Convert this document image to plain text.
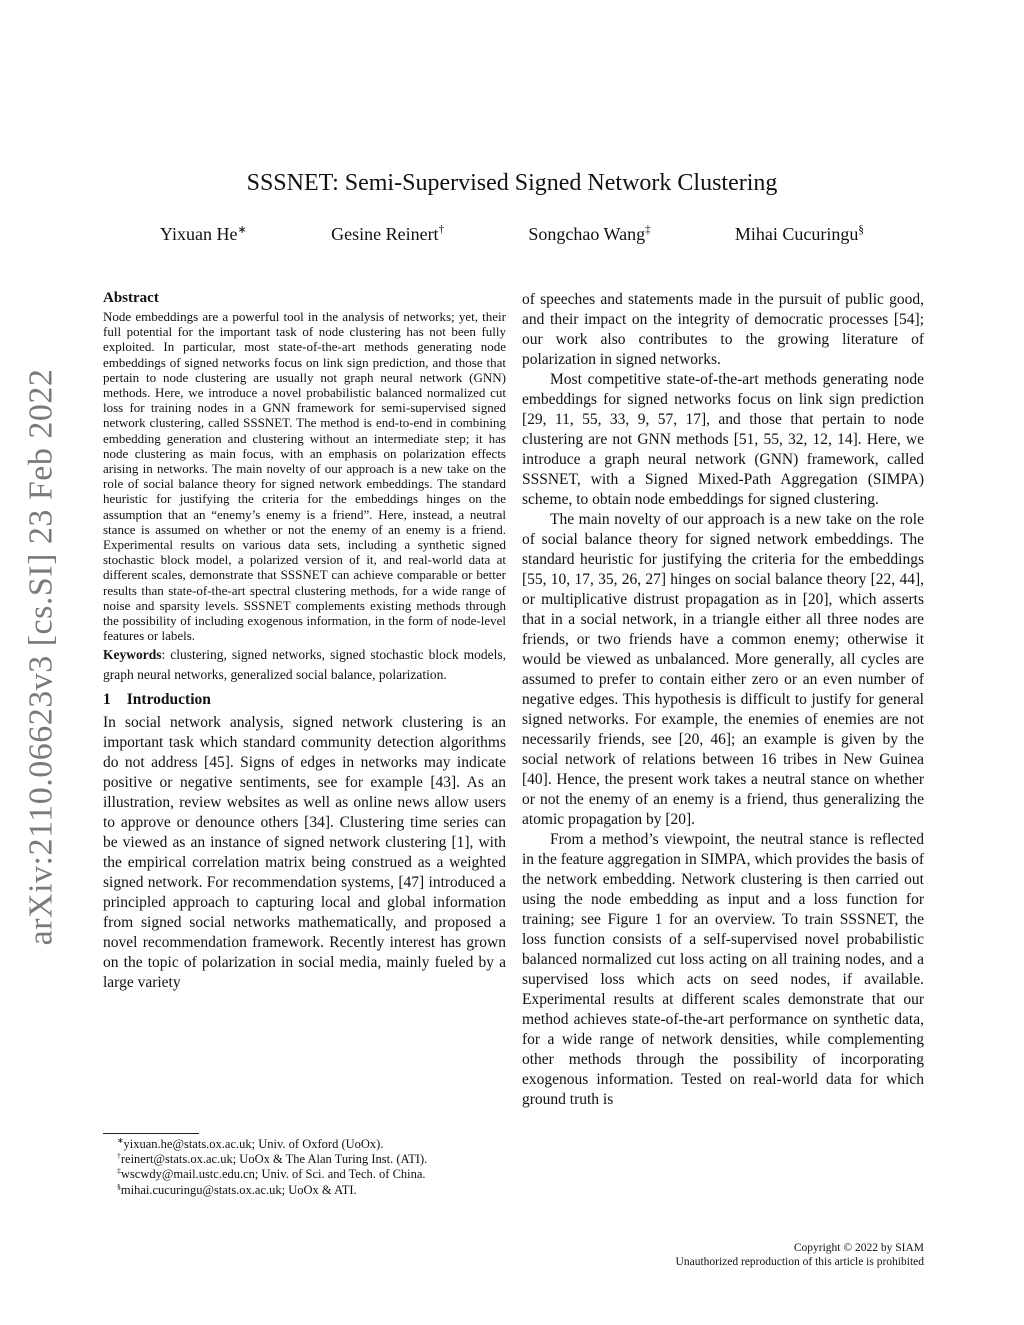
arXiv:2110.06623v3 [cs.SI] 23 Feb 2022
SSSNET: Semi-Supervised Signed Network Clustering
Yixuan He∗	Gesine Reinert†	Songchao Wang‡	Mihai Cucuringu§
Abstract

Node embeddings are a powerful tool in the analysis of networks; yet, their full potential for the important task of node clustering has not been fully exploited. In particular, most state-of-the-art methods generating node embeddings of signed networks focus on link sign prediction, and those that pertain to node clustering are usually not graph neural network (GNN) methods. Here, we introduce a novel probabilistic balanced normalized cut loss for training nodes in a GNN framework for semi-supervised signed network clustering, called SSSNET. The method is end-to-end in combining embedding generation and clustering without an intermediate step; it has node clustering as main focus, with an emphasis on polarization effects arising in networks. The main novelty of our approach is a new take on the role of social balance theory for signed network embeddings. The standard heuristic for justifying the criteria for the embeddings hinges on the assumption that an “enemy’s enemy is a friend”. Here, instead, a neutral stance is assumed on whether or not the enemy of an enemy is a friend. Experimental results on various data sets, including a synthetic signed stochastic block model, a polarized version of it, and real-world data at different scales, demonstrate that SSSNET can achieve comparable or better results than state-of-the-art spectral clustering methods, for a wide range of noise and sparsity levels. SSSNET complements existing methods through the possibility of including exogenous information, in the form of node-level features or labels.

Keywords: clustering, signed networks, signed stochastic block models, graph neural networks, generalized social balance, polarization.

1 Introduction

In social network analysis, signed network clustering is an important task which standard community detection algorithms do not address [45]. Signs of edges in networks may indicate positive or negative sentiments, see for example [43]. As an illustration, review websites as well as online news allow users to approve or denounce others [34]. Clustering time series can be viewed as an instance of signed network clustering [1], with the empirical correlation matrix being construed as a weighted signed network. For recommendation systems, [47] introduced a principled approach to capturing local and global information from signed social networks mathematically, and proposed a novel recommendation framework. Recently interest has grown on the topic of polarization in social media, mainly fueled by a large variety

of speeches and statements made in the pursuit of public good, and their impact on the integrity of democratic processes [54]; our work also contributes to the growing literature of polarization in signed networks.

Most competitive state-of-the-art methods generating node embeddings for signed networks focus on link sign prediction [29, 11, 55, 33, 9, 57, 17], and those that pertain to node clustering are not GNN methods [51, 55, 32, 12, 14]. Here, we introduce a graph neural network (GNN) framework, called SSSNET, with a Signed Mixed-Path Aggregation (SIMPA) scheme, to obtain node embeddings for signed clustering.

The main novelty of our approach is a new take on the role of social balance theory for signed network embeddings. The standard heuristic for justifying the criteria for the embeddings [55, 10, 17, 35, 26, 27] hinges on social balance theory [22, 44], or multiplicative distrust propagation as in [20], which asserts that in a social network, in a triangle either all three nodes are friends, or two friends have a common enemy; otherwise it would be viewed as unbalanced. More generally, all cycles are assumed to prefer to contain either zero or an even number of negative edges. This hypothesis is difficult to justify for general signed networks. For example, the enemies of enemies are not necessarily friends, see [20, 46]; an example is given by the social network of relations between 16 tribes in New Guinea [40]. Hence, the present work takes a neutral stance on whether or not the enemy of an enemy is a friend, thus generalizing the atomic propagation by [20].

From a method’s viewpoint, the neutral stance is reflected in the feature aggregation in SIMPA, which provides the basis of the network embedding. Network clustering is then carried out using the node embedding as input and a loss function for training; see Figure 1 for an overview. To train SSSNET, the loss function consists of a self-supervised novel probabilistic balanced normalized cut loss acting on all training nodes, and a supervised loss which acts on seed nodes, if available. Experimental results at different scales demonstrate that our method achieves state-of-the-art performance on synthetic data, for a wide range of network densities, while complementing other methods through the possibility of incorporating exogenous information. Tested on real-world data for which ground truth is

∗yixuan.he@stats.ox.ac.uk; Univ. of Oxford (UoOx).
†reinert@stats.ox.ac.uk; UoOx & The Alan Turing Inst. (ATI).
‡wscwdy@mail.ustc.edu.cn; Univ. of Sci. and Tech. of China.
§mihai.cucuringu@stats.ox.ac.uk; UoOx & ATI.
Copyright © 2022 by SIAM
Unauthorized reproduction of this article is prohibited
